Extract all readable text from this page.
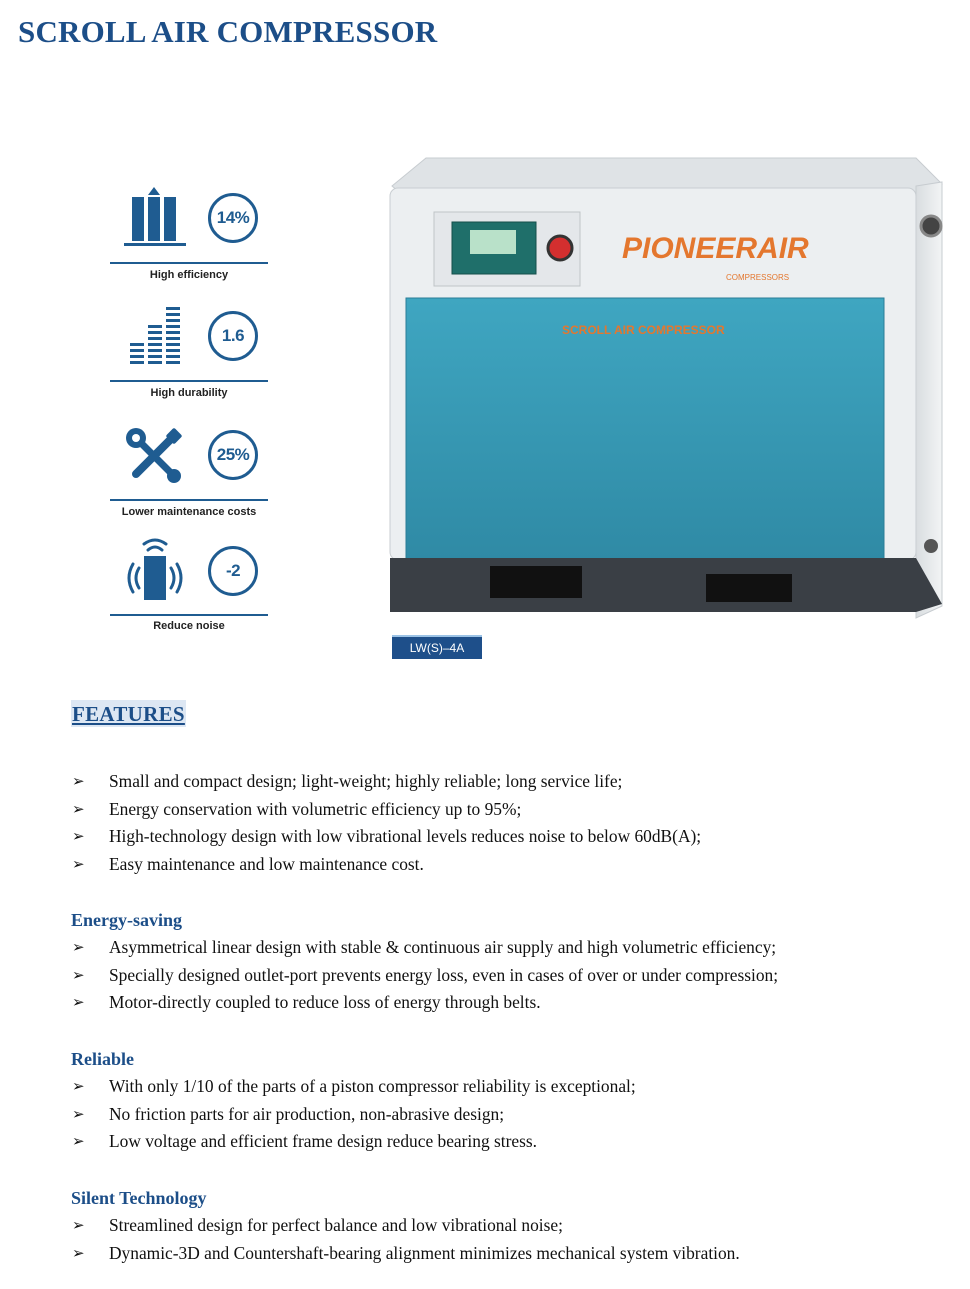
SCROLL AIR COMPRESSOR
14%
High efficiency
1.6
High durability
25%
Lower maintenance costs
-2
Reduce noise
PIONEERAIR
COMPRESSORS
SCROLL AIR COMPRESSOR
LW(S)–4A
FEATURES
➢ Small and compact design; light-weight; highly reliable; long service life;
➢ Energy conservation with volumetric efficiency up to 95%;
➢ High-technology design with low vibrational levels reduces noise to below 60dB(A);
➢ Easy maintenance and low maintenance cost.
Energy-saving
➢ Asymmetrical linear design with stable & continuous air supply and high volumetric efficiency;
➢ Specially designed outlet-port prevents energy loss, even in cases of over or under compression;
➢ Motor-directly coupled to reduce loss of energy through belts.
Reliable
➢ With only 1/10 of the parts of a piston compressor reliability is exceptional;
➢ No friction parts for air production, non-abrasive design;
➢ Low voltage and efficient frame design reduce bearing stress.
Silent Technology
➢ Streamlined design for perfect balance and low vibrational noise;
➢ Dynamic-3D and Countershaft-bearing alignment minimizes mechanical system vibration.
